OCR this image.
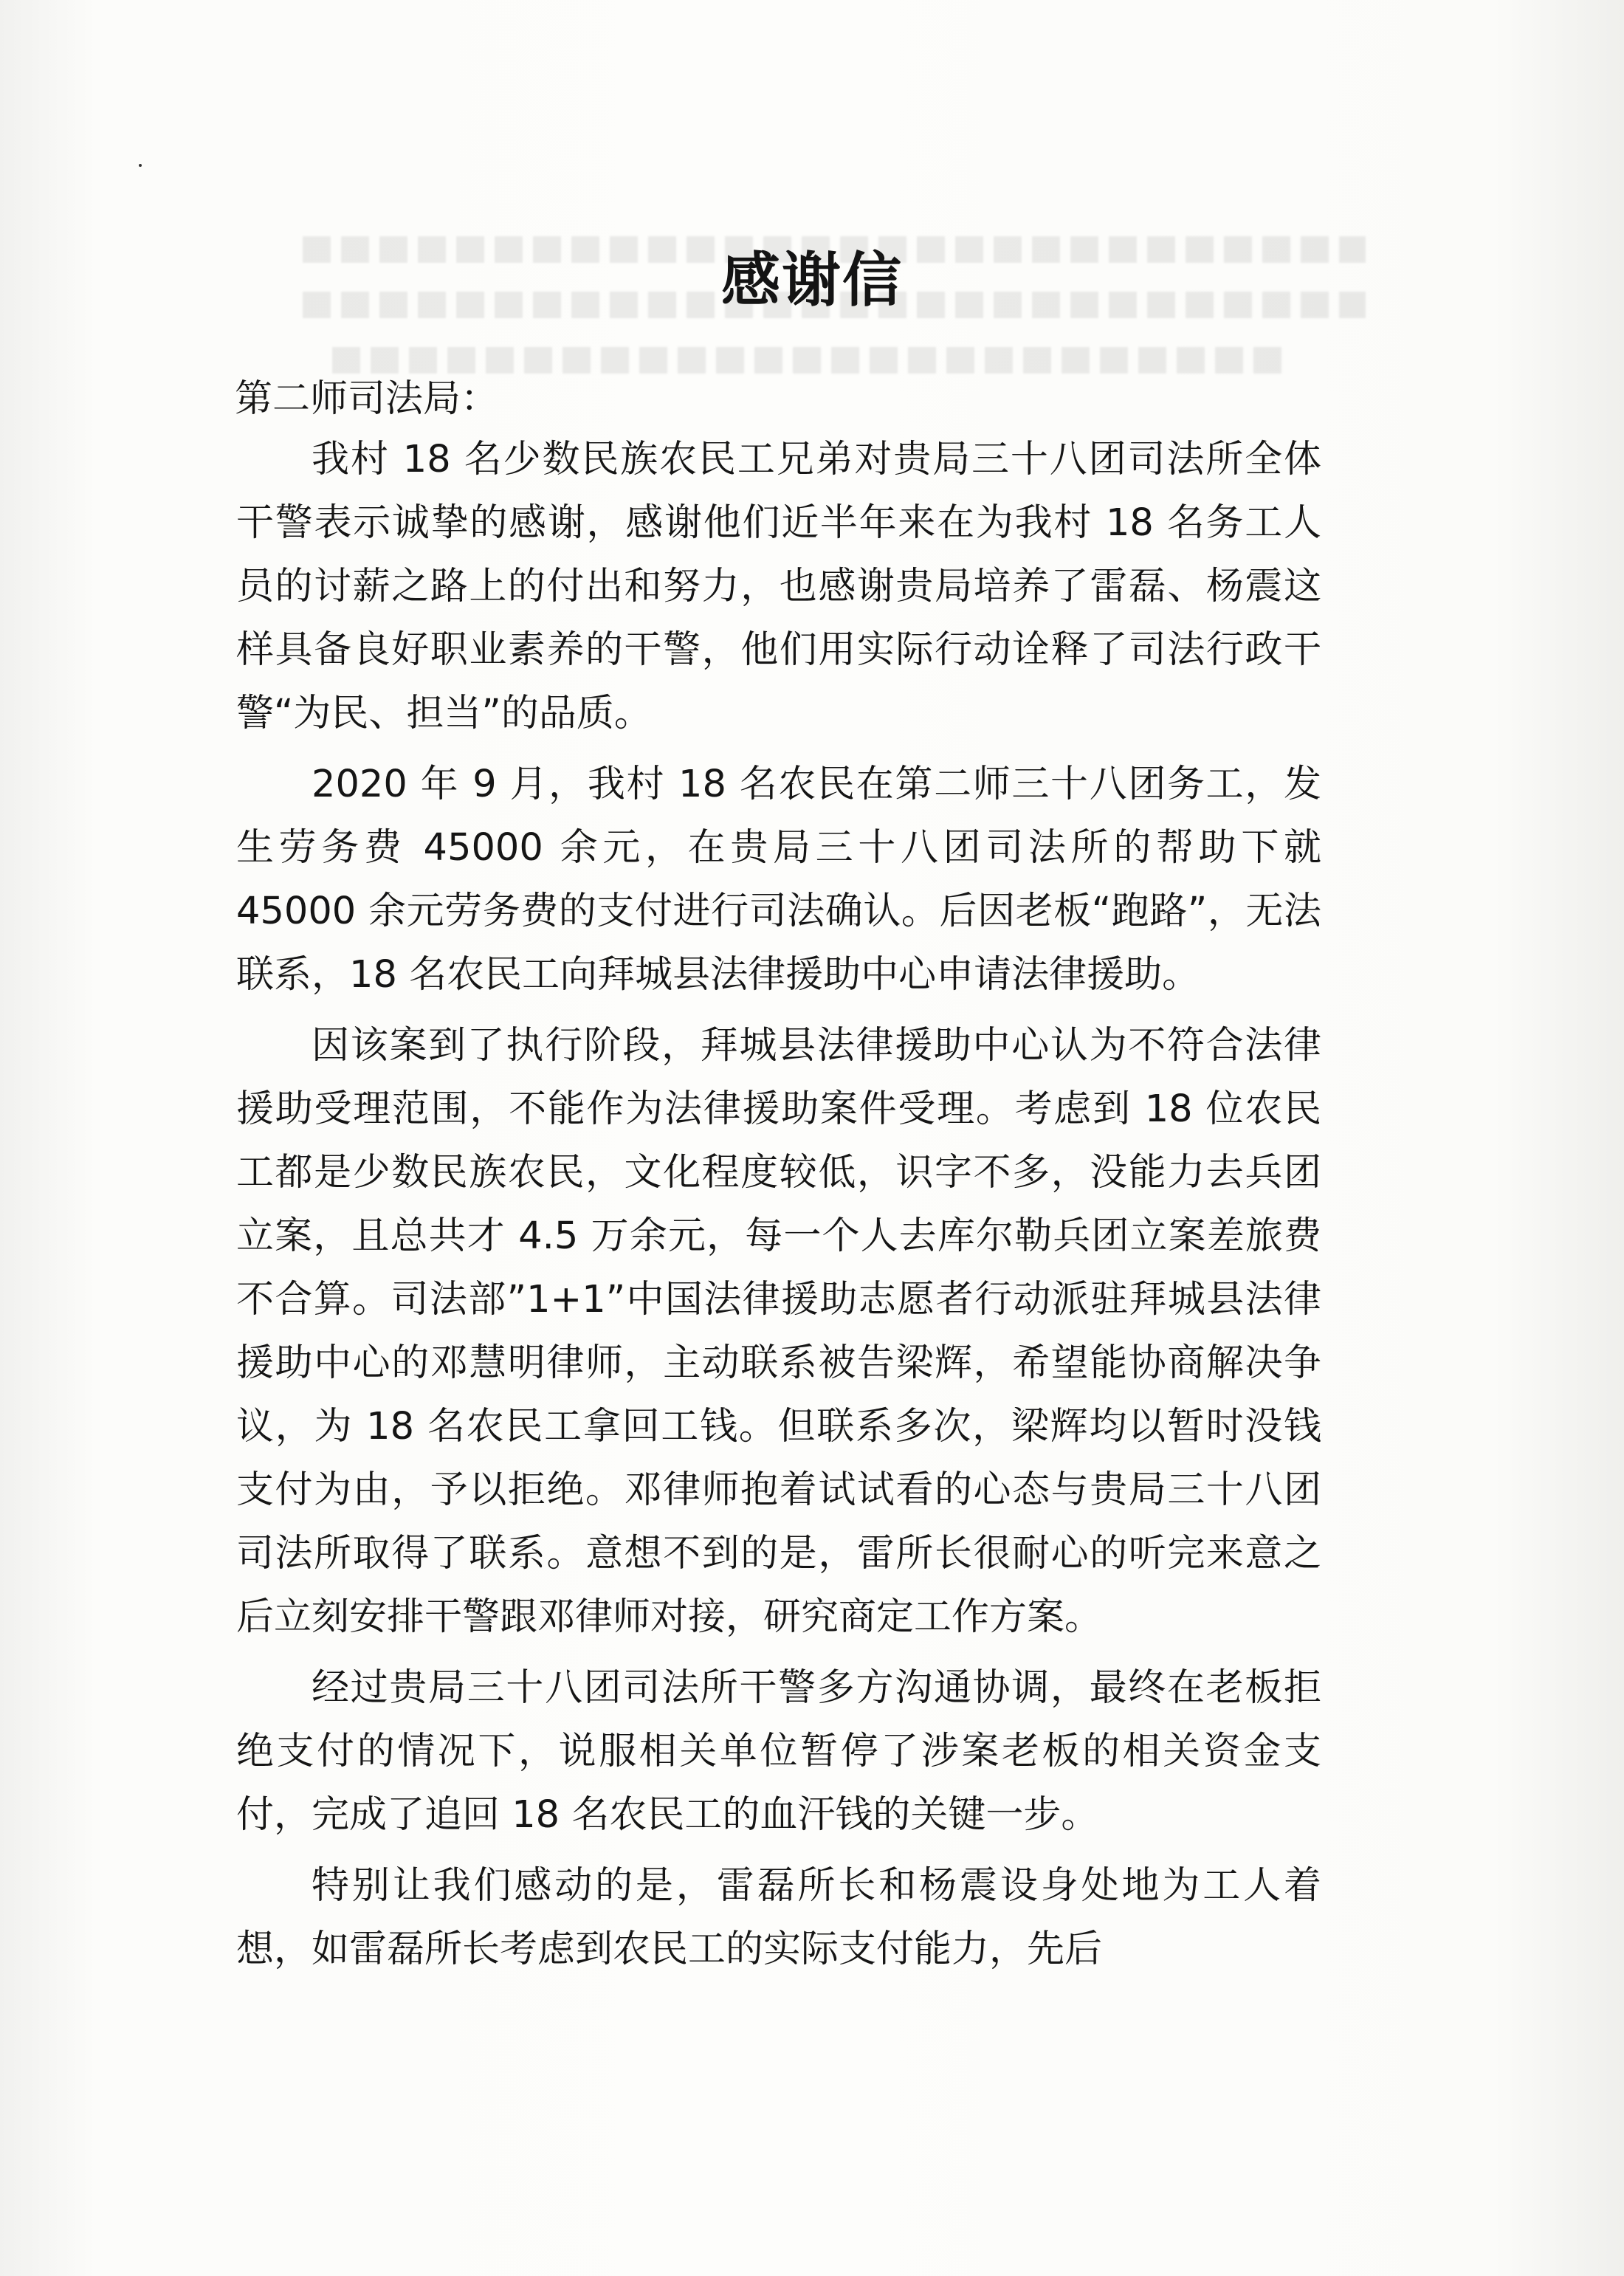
感谢信

第二师司法局：

我村 18 名少数民族农民工兄弟对贵局三十八团司法所全体干警表示诚挚的感谢，感谢他们近半年来在为我村 18 名务工人员的讨薪之路上的付出和努力，也感谢贵局培养了雷磊、杨震这样具备良好职业素养的干警，他们用实际行动诠释了司法行政干警“为民、担当”的品质。

2020 年 9 月，我村 18 名农民在第二师三十八团务工，发生劳务费 45000 余元，在贵局三十八团司法所的帮助下就 45000 余元劳务费的支付进行司法确认。后因老板“跑路”，无法联系，18 名农民工向拜城县法律援助中心申请法律援助。

因该案到了执行阶段，拜城县法律援助中心认为不符合法律援助受理范围，不能作为法律援助案件受理。考虑到 18 位农民工都是少数民族农民，文化程度较低，识字不多，没能力去兵团立案，且总共才 4.5 万余元，每一个人去库尔勒兵团立案差旅费不合算。司法部”1+1”中国法律援助志愿者行动派驻拜城县法律援助中心的邓慧明律师，主动联系被告梁辉，希望能协商解决争议，为 18 名农民工拿回工钱。但联系多次，梁辉均以暂时没钱支付为由，予以拒绝。邓律师抱着试试看的心态与贵局三十八团司法所取得了联系。意想不到的是，雷所长很耐心的听完来意之后立刻安排干警跟邓律师对接，研究商定工作方案。

经过贵局三十八团司法所干警多方沟通协调，最终在老板拒绝支付的情况下，说服相关单位暂停了涉案老板的相关资金支付，完成了追回 18 名农民工的血汗钱的关键一步。

特别让我们感动的是，雷磊所长和杨震设身处地为工人着想，如雷磊所长考虑到农民工的实际支付能力，先后
